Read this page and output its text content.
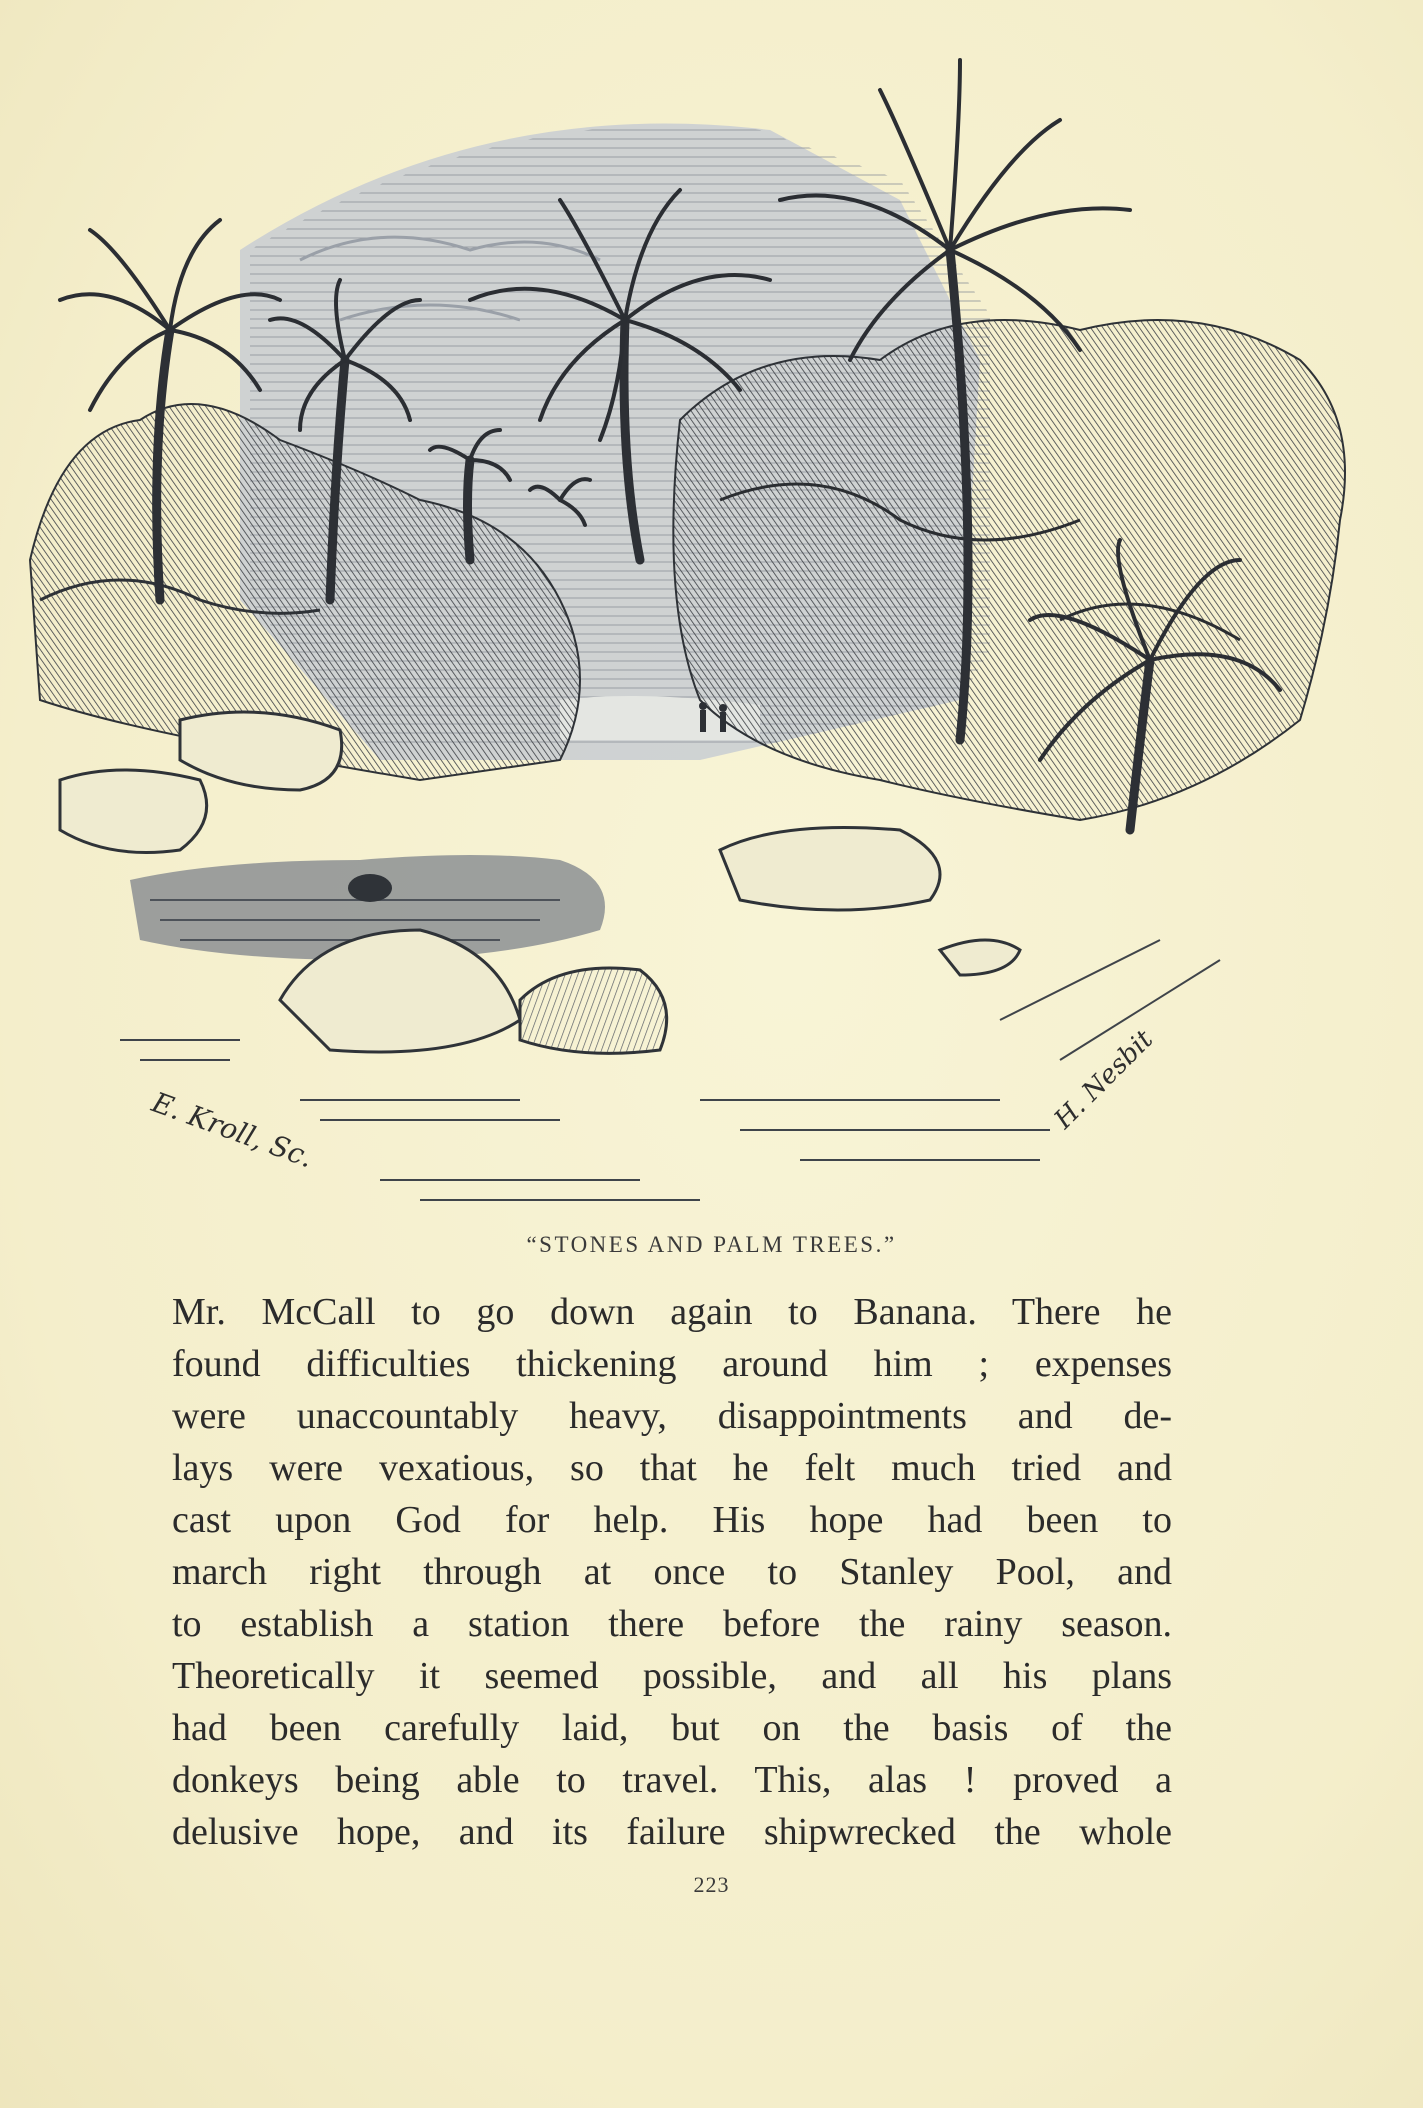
E. Kroll, Sc.	H. Nesbit
“STONES AND PALM TREES.”
Mr. McCall to go down again to Banana. There he
found difficulties thickening around him ; expenses
were unaccountably heavy, disappointments and de-
lays were vexatious, so that he felt much tried and
cast upon God for help. His hope had been to
march right through at once to Stanley Pool, and
to establish a station there before the rainy season.
Theoretically it seemed possible, and all his plans
had been carefully laid, but on the basis of the
donkeys being able to travel. This, alas ! proved a
delusive hope, and its failure shipwrecked the whole
223
